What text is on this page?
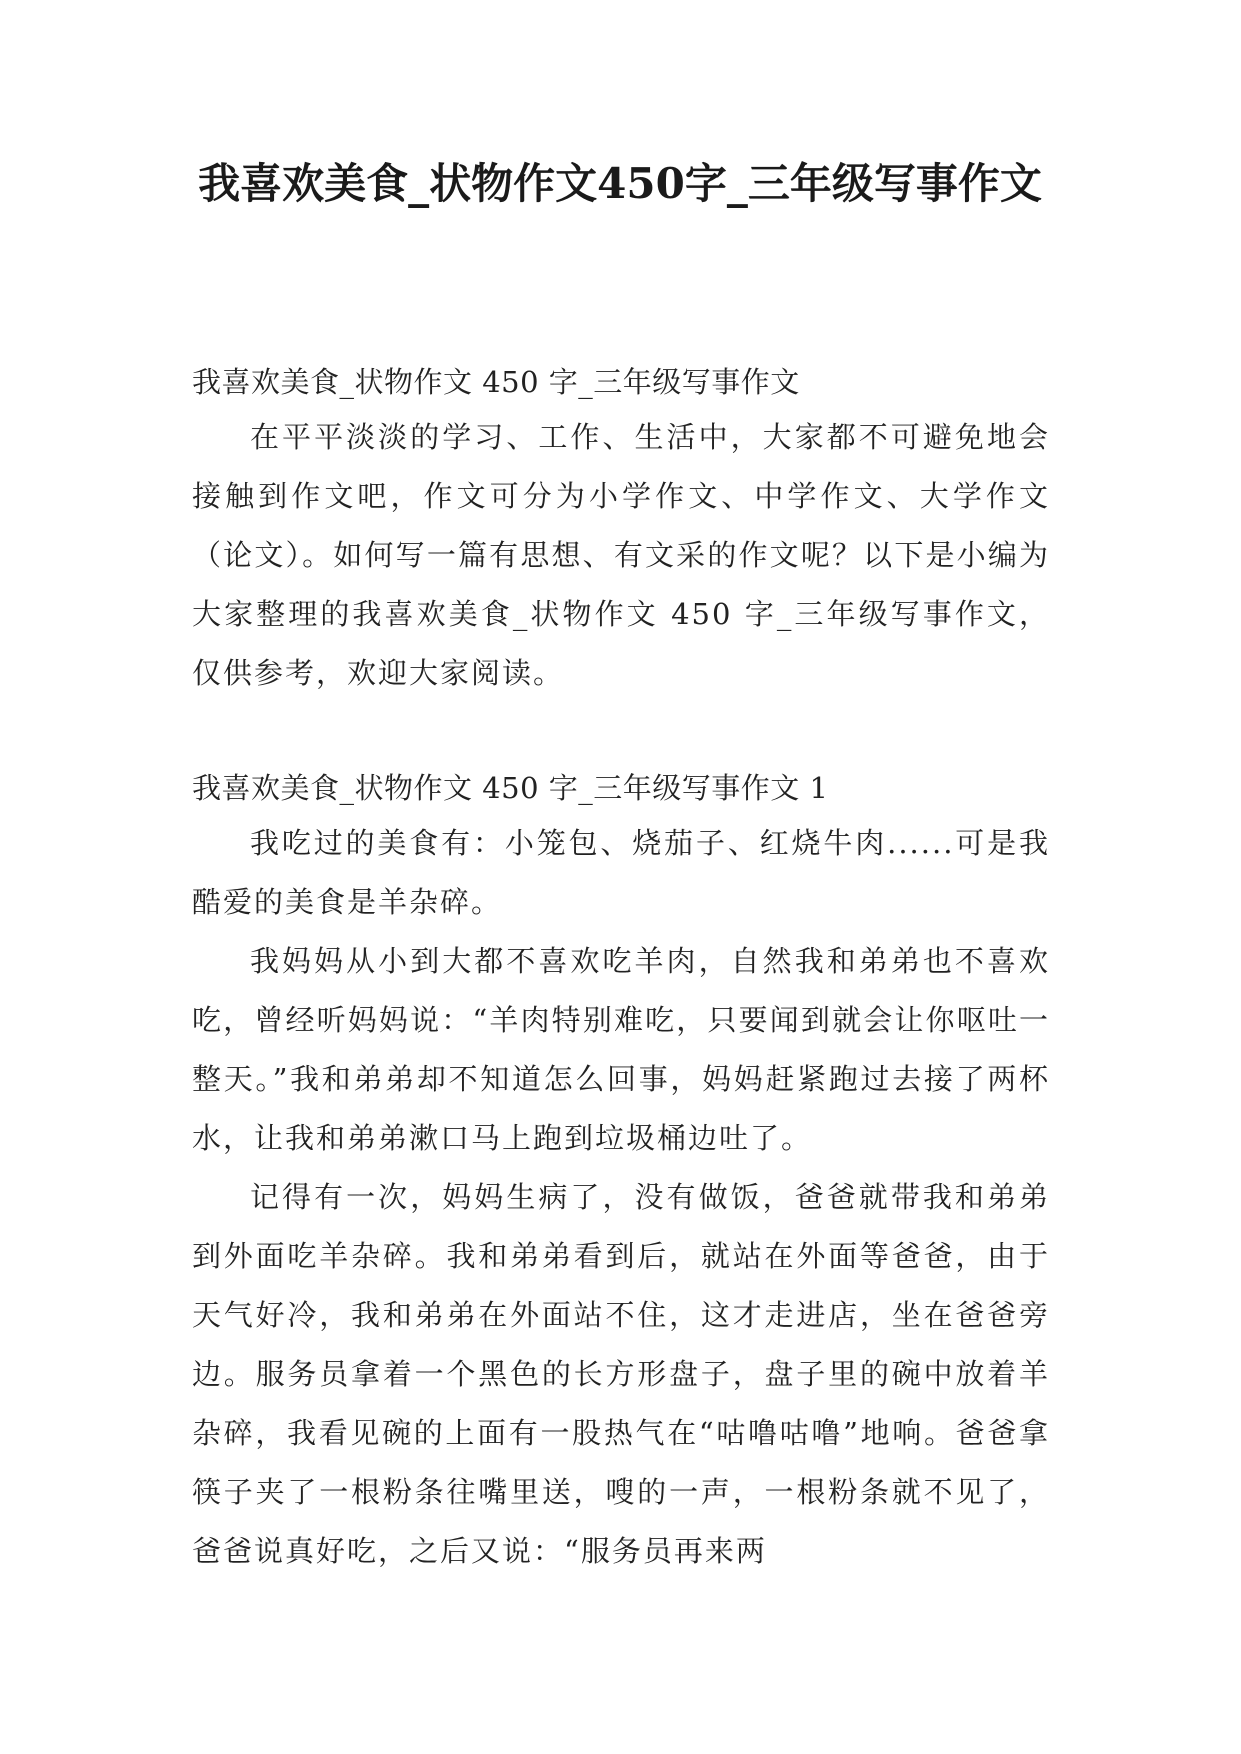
我喜欢美食_状物作文450字_三年级写事作文
我喜欢美食_状物作文 450 字_三年级写事作文
在平平淡淡的学习、工作、生活中，大家都不可避免地会接触到作文吧，作文可分为小学作文、中学作文、大学作文（论文）。如何写一篇有思想、有文采的作文呢？以下是小编为大家整理的我喜欢美食_状物作文 450 字_三年级写事作文，仅供参考，欢迎大家阅读。
我喜欢美食_状物作文 450 字_三年级写事作文 1
我吃过的美食有：小笼包、烧茄子、红烧牛肉......可是我酷爱的美食是羊杂碎。
我妈妈从小到大都不喜欢吃羊肉，自然我和弟弟也不喜欢吃，曾经听妈妈说：“羊肉特别难吃，只要闻到就会让你呕吐一整天。”我和弟弟却不知道怎么回事，妈妈赶紧跑过去接了两杯水，让我和弟弟漱口马上跑到垃圾桶边吐了。
记得有一次，妈妈生病了，没有做饭，爸爸就带我和弟弟到外面吃羊杂碎。我和弟弟看到后，就站在外面等爸爸，由于天气好冷，我和弟弟在外面站不住，这才走进店，坐在爸爸旁边。服务员拿着一个黑色的长方形盘子，盘子里的碗中放着羊杂碎，我看见碗的上面有一股热气在“咕噜咕噜”地响。爸爸拿筷子夹了一根粉条往嘴里送，嗖的一声，一根粉条就不见了，爸爸说真好吃，之后又说：“服务员再来两
